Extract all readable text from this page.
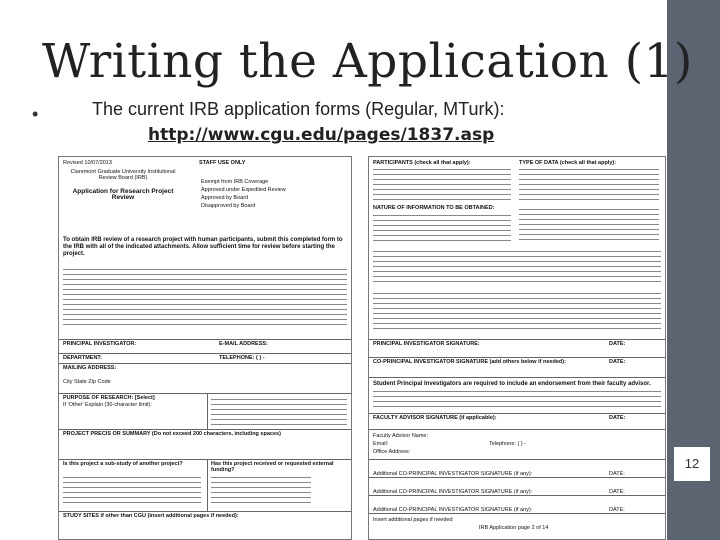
Writing the Application (1)
•	The current IRB application forms (Regular, MTurk):
http://www.cgu.edu/pages/1837.asp
Revised 10/07/2013
Claremont Graduate University Institutional Review Board (IRB)
Application for Research Project Review
STAFF USE ONLY
Exempt from IRB Coverage
Approved under Expedited Review
Approved by Board
Disapproved by Board
To obtain IRB review of a research project with human participants, submit this completed form to the IRB with all of the indicated attachments. Allow sufficient time for review before starting the project.
PRINCIPAL INVESTIGATOR:	E-MAIL ADDRESS:
DEPARTMENT:	TELEPHONE: ( ) -
MAILING ADDRESS:
City State Zip Code
PURPOSE OF RESEARCH: [Select]
If 'Other' Explain (30-character limit):
PROJECT PRECIS OR SUMMARY (Do not exceed 200 characters, including spaces)
Is this project a sub-study of another project?	Has this project received or requested external funding?
STUDY SITES if other than CGU (insert additional pages if needed):
PARTICIPANTS (check all that apply):	TYPE OF DATA (check all that apply):
NATURE OF INFORMATION TO BE OBTAINED:
PRINCIPAL INVESTIGATOR SIGNATURE:	DATE:
CO-PRINCIPAL INVESTIGATOR SIGNATURE (add others below if needed):	DATE:
Student Principal Investigators are required to include an endorsement from their faculty advisor.
FACULTY ADVISOR SIGNATURE (if applicable):	DATE:
Faculty Advisor Name:
Email:	Telephone: ( ) -
Office Address:
Additional CO-PRINCIPAL INVESTIGATOR SIGNATURE (if any):	DATE:
Additional CO-PRINCIPAL INVESTIGATOR SIGNATURE (if any):	DATE:
Additional CO-PRINCIPAL INVESTIGATOR SIGNATURE (if any):	DATE:
Insert additional pages if needed
IRB Application page 2 of 14
12
